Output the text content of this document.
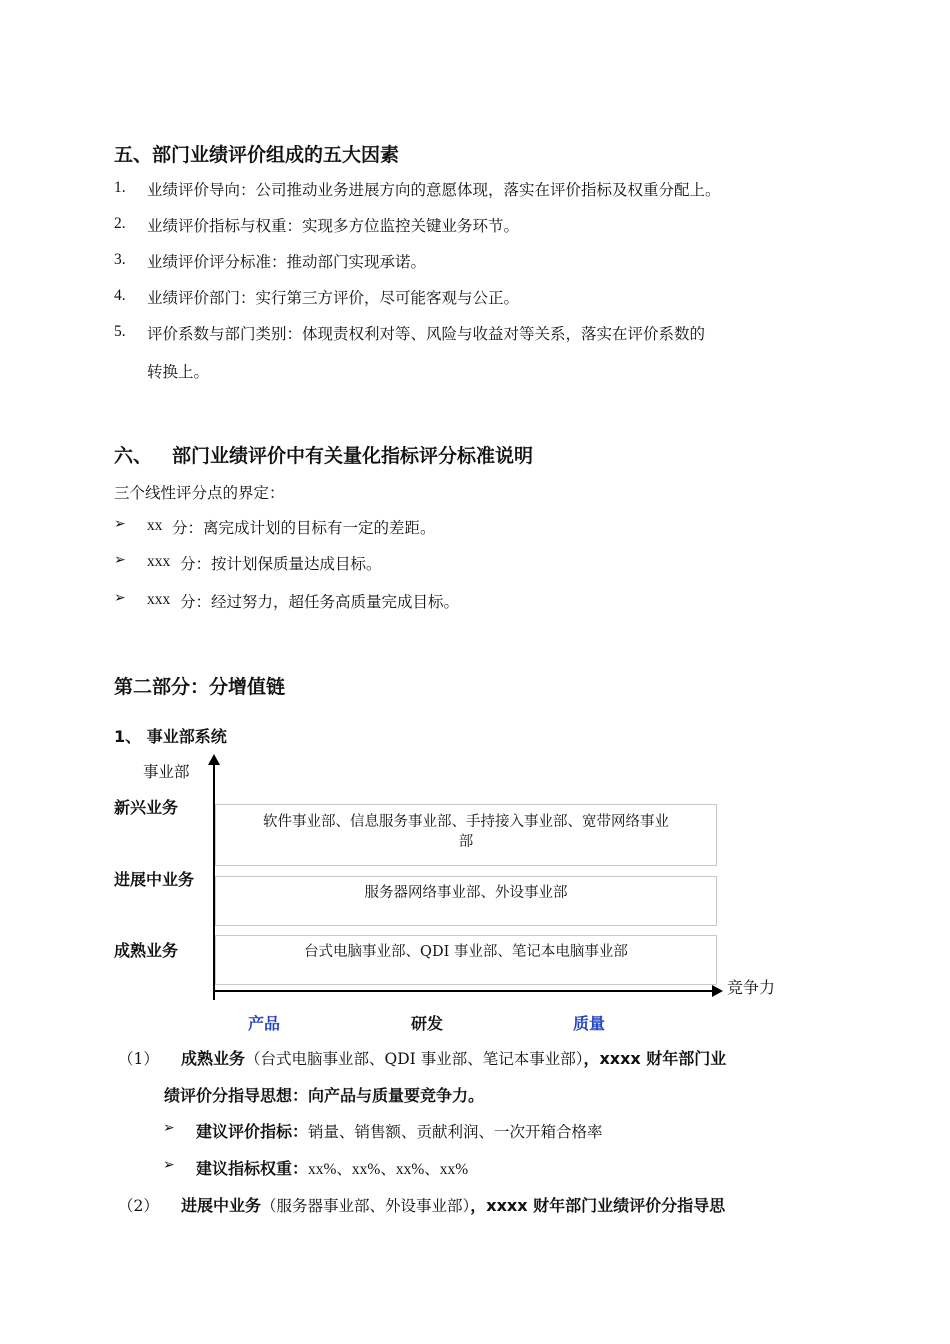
五、部门业绩评价组成的五大因素
1. 业绩评价导向：公司推动业务进展方向的意愿体现，落实在评价指标及权重分配上。
2. 业绩评价指标与权重：实现多方位监控关键业务环节。
3. 业绩评价评分标准：推动部门实现承诺。
4. 业绩评价部门：实行第三方评价，尽可能客观与公正。
5. 评价系数与部门类别：体现责权利对等、风险与收益对等关系，落实在评价系数的
转换上。
六、 部门业绩评价中有关量化指标评分标准说明
三个线性评分点的界定：
➢ xx 分：离完成计划的目标有一定的差距。
➢ xxx 分：按计划保质量达成目标。
➢ xxx 分：经过努力，超任务高质量完成目标。
第二部分：分增值链
1、 事业部系统
事业部
竞争力
新兴业务
软件事业部、信息服务事业部、手持接入事业部、宽带网络事业
部
进展中业务
服务器网络事业部、外设事业部
成熟业务	台式电脑事业部、QDI 事业部、笔记本电脑事业部
产品	研发	质量
（1） 成熟业务（台式电脑事业部、QDI 事业部、笔记本事业部），xxxx 财年部门业
绩评价分指导思想：向产品与质量要竞争力。
➢ 建议评价指标：销量、销售额、贡献利润、一次开箱合格率
➢ 建议指标权重：xx%、xx%、xx%、xx%
（2） 进展中业务（服务器事业部、外设事业部），xxxx 财年部门业绩评价分指导思
